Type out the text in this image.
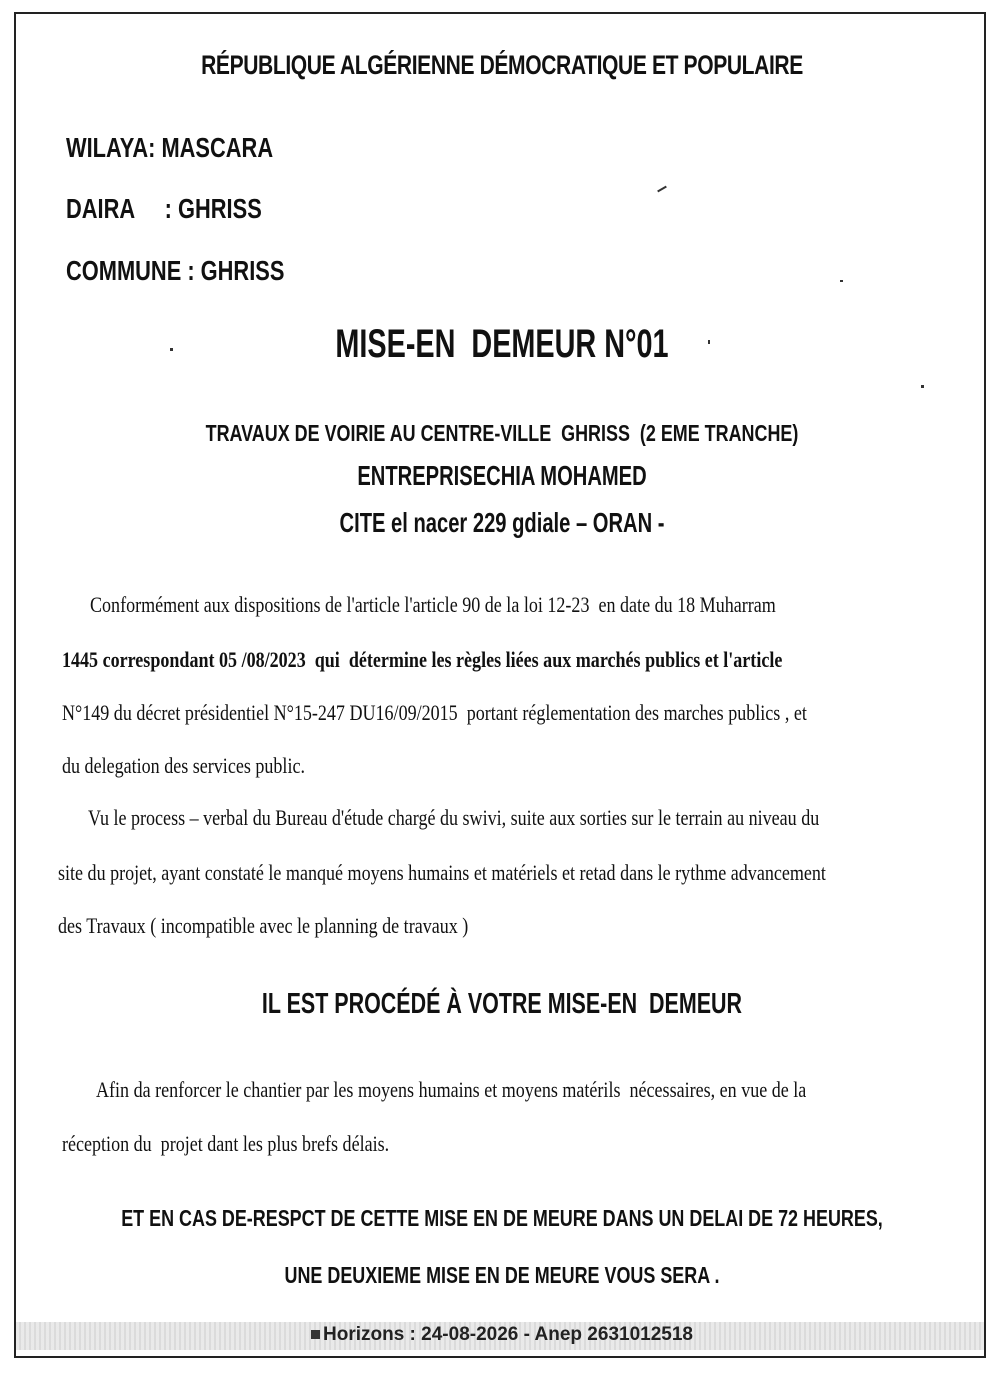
RÉPUBLIQUE ALGÉRIENNE DÉMOCRATIQUE ET POPULAIRE
WILAYA: MASCARA
DAIRA     : GHRISS
COMMUNE : GHRISS
MISE-EN  DEMEUR N°01
TRAVAUX DE VOIRIE AU CENTRE-VILLE  GHRISS  (2 EME TRANCHE)
ENTREPRISECHIA MOHAMED
CITE el nacer 229 gdiale – ORAN -
Conformément aux dispositions de l'article l'article 90 de la loi 12-23  en date du 18 Muharram
1445 correspondant 05 /08/2023  qui  détermine les règles liées aux marchés publics et l'article
N°149 du décret présidentiel N°15-247 DU16/09/2015  portant réglementation des marches publics , et
du delegation des services public.
Vu le process – verbal du Bureau d'étude chargé du swivi, suite aux sorties sur le terrain au niveau du
site du projet, ayant constaté le manqué moyens humains et matériels et retad dans le rythme advancement
des Travaux ( incompatible avec le planning de travaux )
IL EST PROCÉDÉ À VOTRE MISE-EN  DEMEUR
Afin da renforcer le chantier par les moyens humains et moyens matérils  nécessaires, en vue de la
réception du  projet dant les plus brefs délais.
ET EN CAS DE-RESPCT DE CETTE MISE EN DE MEURE DANS UN DELAI DE 72 HEURES,
UNE DEUXIEME MISE EN DE MEURE VOUS SERA .
Horizons : 24-08-2026 - Anep 2631012518
